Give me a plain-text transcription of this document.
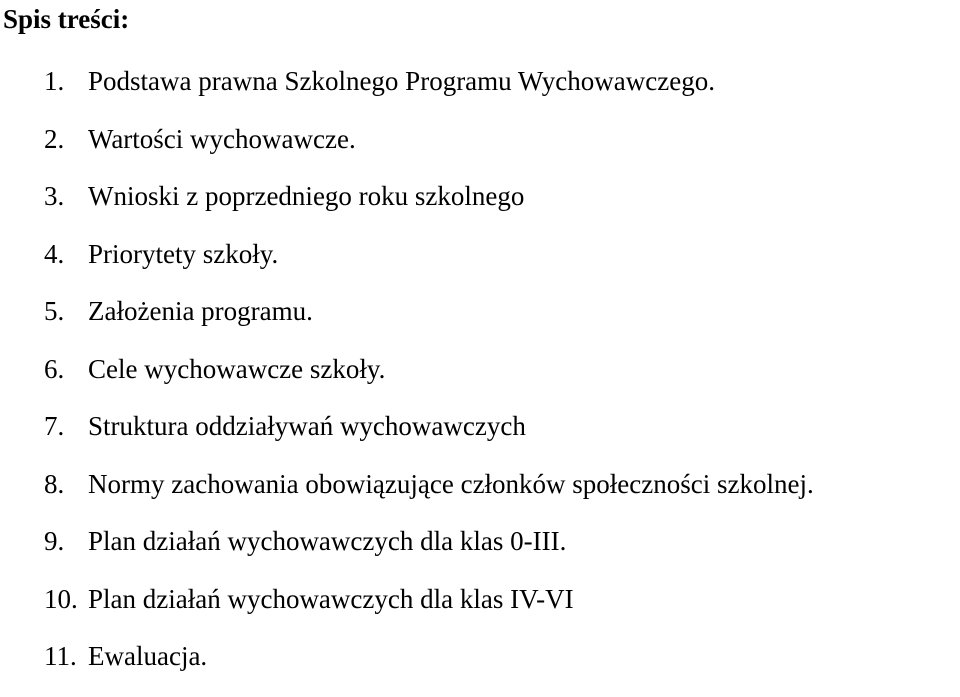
Spis treści:
1. Podstawa prawna Szkolnego Programu Wychowawczego.
2. Wartości wychowawcze.
3. Wnioski z poprzedniego roku szkolnego
4. Priorytety szkoły.
5. Założenia programu.
6. Cele wychowawcze szkoły.
7. Struktura oddziaływań wychowawczych
8. Normy zachowania obowiązujące członków społeczności szkolnej.
9. Plan działań wychowawczych dla klas 0-III.
10. Plan działań wychowawczych dla klas IV-VI
11. Ewaluacja.
